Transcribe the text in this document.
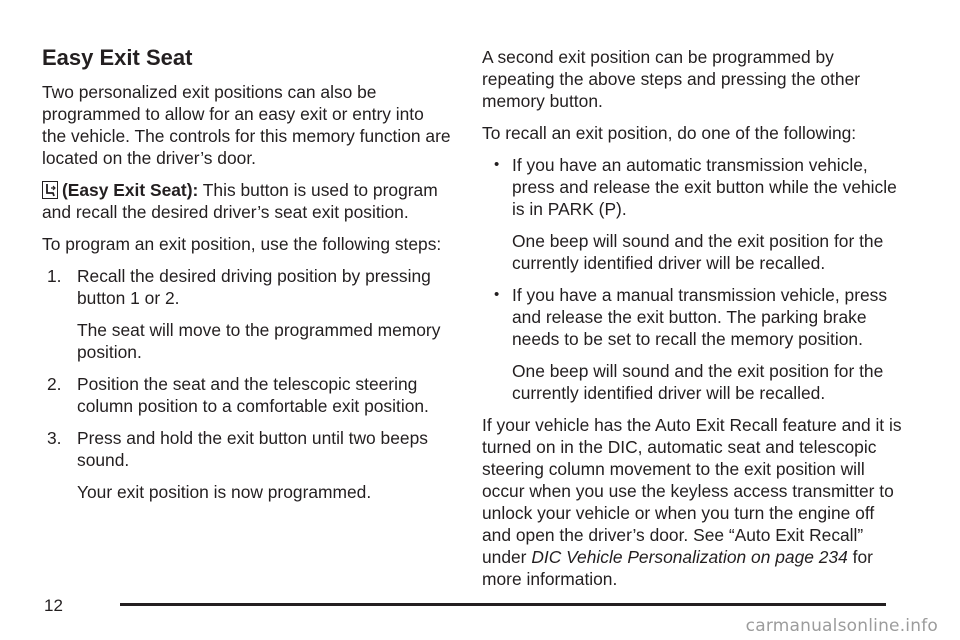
Easy Exit Seat

Two personalized exit positions can also be programmed to allow for an easy exit or entry into the vehicle. The controls for this memory function are located on the driver’s door.

(Easy Exit Seat): This button is used to program and recall the desired driver’s seat exit position.

To program an exit position, use the following steps:

1. Recall the desired driving position by pressing button 1 or 2.

The seat will move to the programmed memory position.

2. Position the seat and the telescopic steering column position to a comfortable exit position.
3. Press and hold the exit button until two beeps sound.

Your exit position is now programmed.

A second exit position can be programmed by repeating the above steps and pressing the other memory button.

To recall an exit position, do one of the following:

• If you have an automatic transmission vehicle, press and release the exit button while the vehicle is in PARK (P).

One beep will sound and the exit position for the currently identified driver will be recalled.

• If you have a manual transmission vehicle, press and release the exit button. The parking brake needs to be set to recall the memory position.

One beep will sound and the exit position for the currently identified driver will be recalled.

If your vehicle has the Auto Exit Recall feature and it is turned on in the DIC, automatic seat and telescopic steering column movement to the exit position will occur when you use the keyless access transmitter to unlock your vehicle or when you turn the engine off and open the driver’s door. See “Auto Exit Recall” under DIC Vehicle Personalization on page 234 for more information.

12
carmanualsonline.info
